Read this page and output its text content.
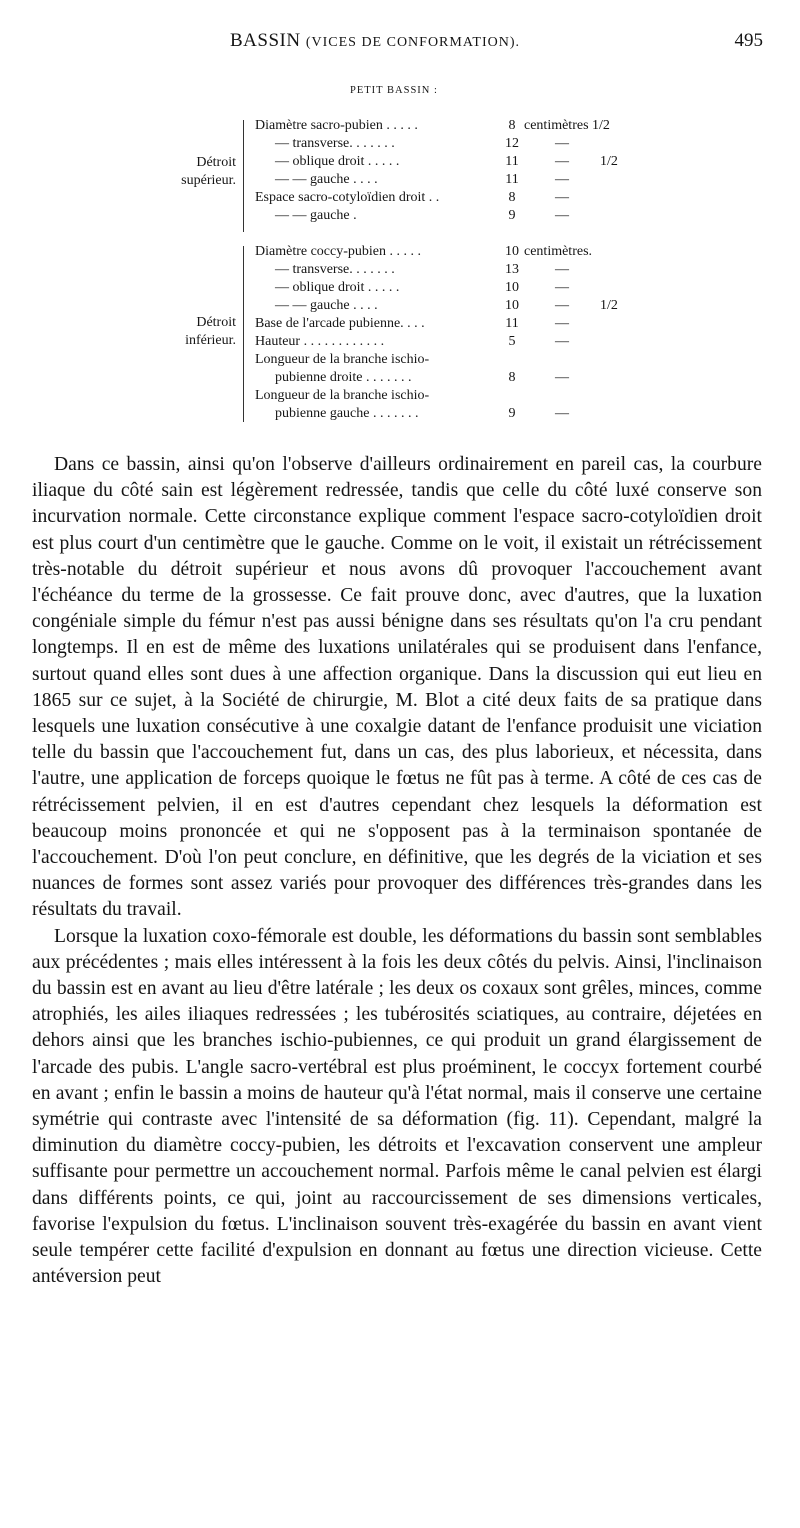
BASSIN (VICES DE CONFORMATION).	495
PETIT BASSIN :
Détroit
supérieur.
Diamètre sacro-pubien . . . . .	8 centimètres 1/2
— transverse. . . . . . .	12	—
— oblique droit . . . . .	11	— 1/2
— — gauche . . . .	11	—
Espace sacro-cotyloïdien droit . .	8	—
— — gauche .	9	—
Détroit
inférieur.
Diamètre coccy-pubien . . . . .	10 centimètres.
— transverse. . . . . . .	13	—
— oblique droit . . . . .	10	—
— — gauche . . . .	10	— 1/2
Base de l'arcade pubienne. . . .	11	—
Hauteur . . . . . . . . . . . .	5	—
Longueur de la branche ischio-
pubienne droite . . . . . . .	8	—
Longueur de la branche ischio-
pubienne gauche . . . . . . .	9	—

Dans ce bassin, ainsi qu'on l'observe d'ailleurs ordinairement en pareil cas, la courbure iliaque du côté sain est légèrement redressée, tandis que celle du côté luxé conserve son incurvation normale. Cette circonstance explique comment l'espace sacro-cotyloïdien droit est plus court d'un centimètre que le gauche. Comme on le voit, il existait un rétrécissement très-notable du détroit supérieur et nous avons dû provoquer l'accouchement avant l'échéance du terme de la grossesse. Ce fait prouve donc, avec d'autres, que la luxation congéniale simple du fémur n'est pas aussi bénigne dans ses résultats qu'on l'a cru pendant longtemps. Il en est de même des luxations unilatérales qui se produisent dans l'enfance, surtout quand elles sont dues à une affection organique. Dans la discussion qui eut lieu en 1865 sur ce sujet, à la Société de chirurgie, M. Blot a cité deux faits de sa pratique dans lesquels une luxation consécutive à une coxalgie datant de l'enfance produisit une viciation telle du bassin que l'accouchement fut, dans un cas, des plus laborieux, et nécessita, dans l'autre, une application de forceps quoique le fœtus ne fût pas à terme. A côté de ces cas de rétrécissement pelvien, il en est d'autres cependant chez lesquels la déformation est beaucoup moins prononcée et qui ne s'opposent pas à la terminaison spontanée de l'accouchement. D'où l'on peut conclure, en définitive, que les degrés de la viciation et ses nuances de formes sont assez variés pour provoquer des différences très-grandes dans les résultats du travail.

Lorsque la luxation coxo-fémorale est double, les déformations du bassin sont semblables aux précédentes ; mais elles intéressent à la fois les deux côtés du pelvis. Ainsi, l'inclinaison du bassin est en avant au lieu d'être latérale ; les deux os coxaux sont grêles, minces, comme atrophiés, les ailes iliaques redressées ; les tubérosités sciatiques, au contraire, déjetées en dehors ainsi que les branches ischio-pubiennes, ce qui produit un grand élargissement de l'arcade des pubis. L'angle sacro-vertébral est plus proéminent, le coccyx fortement courbé en avant ; enfin le bassin a moins de hauteur qu'à l'état normal, mais il conserve une certaine symétrie qui contraste avec l'intensité de sa déformation (fig. 11). Cependant, malgré la diminution du diamètre coccy-pubien, les détroits et l'excavation conservent une ampleur suffisante pour permettre un accouchement normal. Parfois même le canal pelvien est élargi dans différents points, ce qui, joint au raccourcissement de ses dimensions verticales, favorise l'expulsion du fœtus. L'inclinaison souvent très-exagérée du bassin en avant vient seule tempérer cette facilité d'expulsion en donnant au fœtus une direction vicieuse. Cette antéversion peut
